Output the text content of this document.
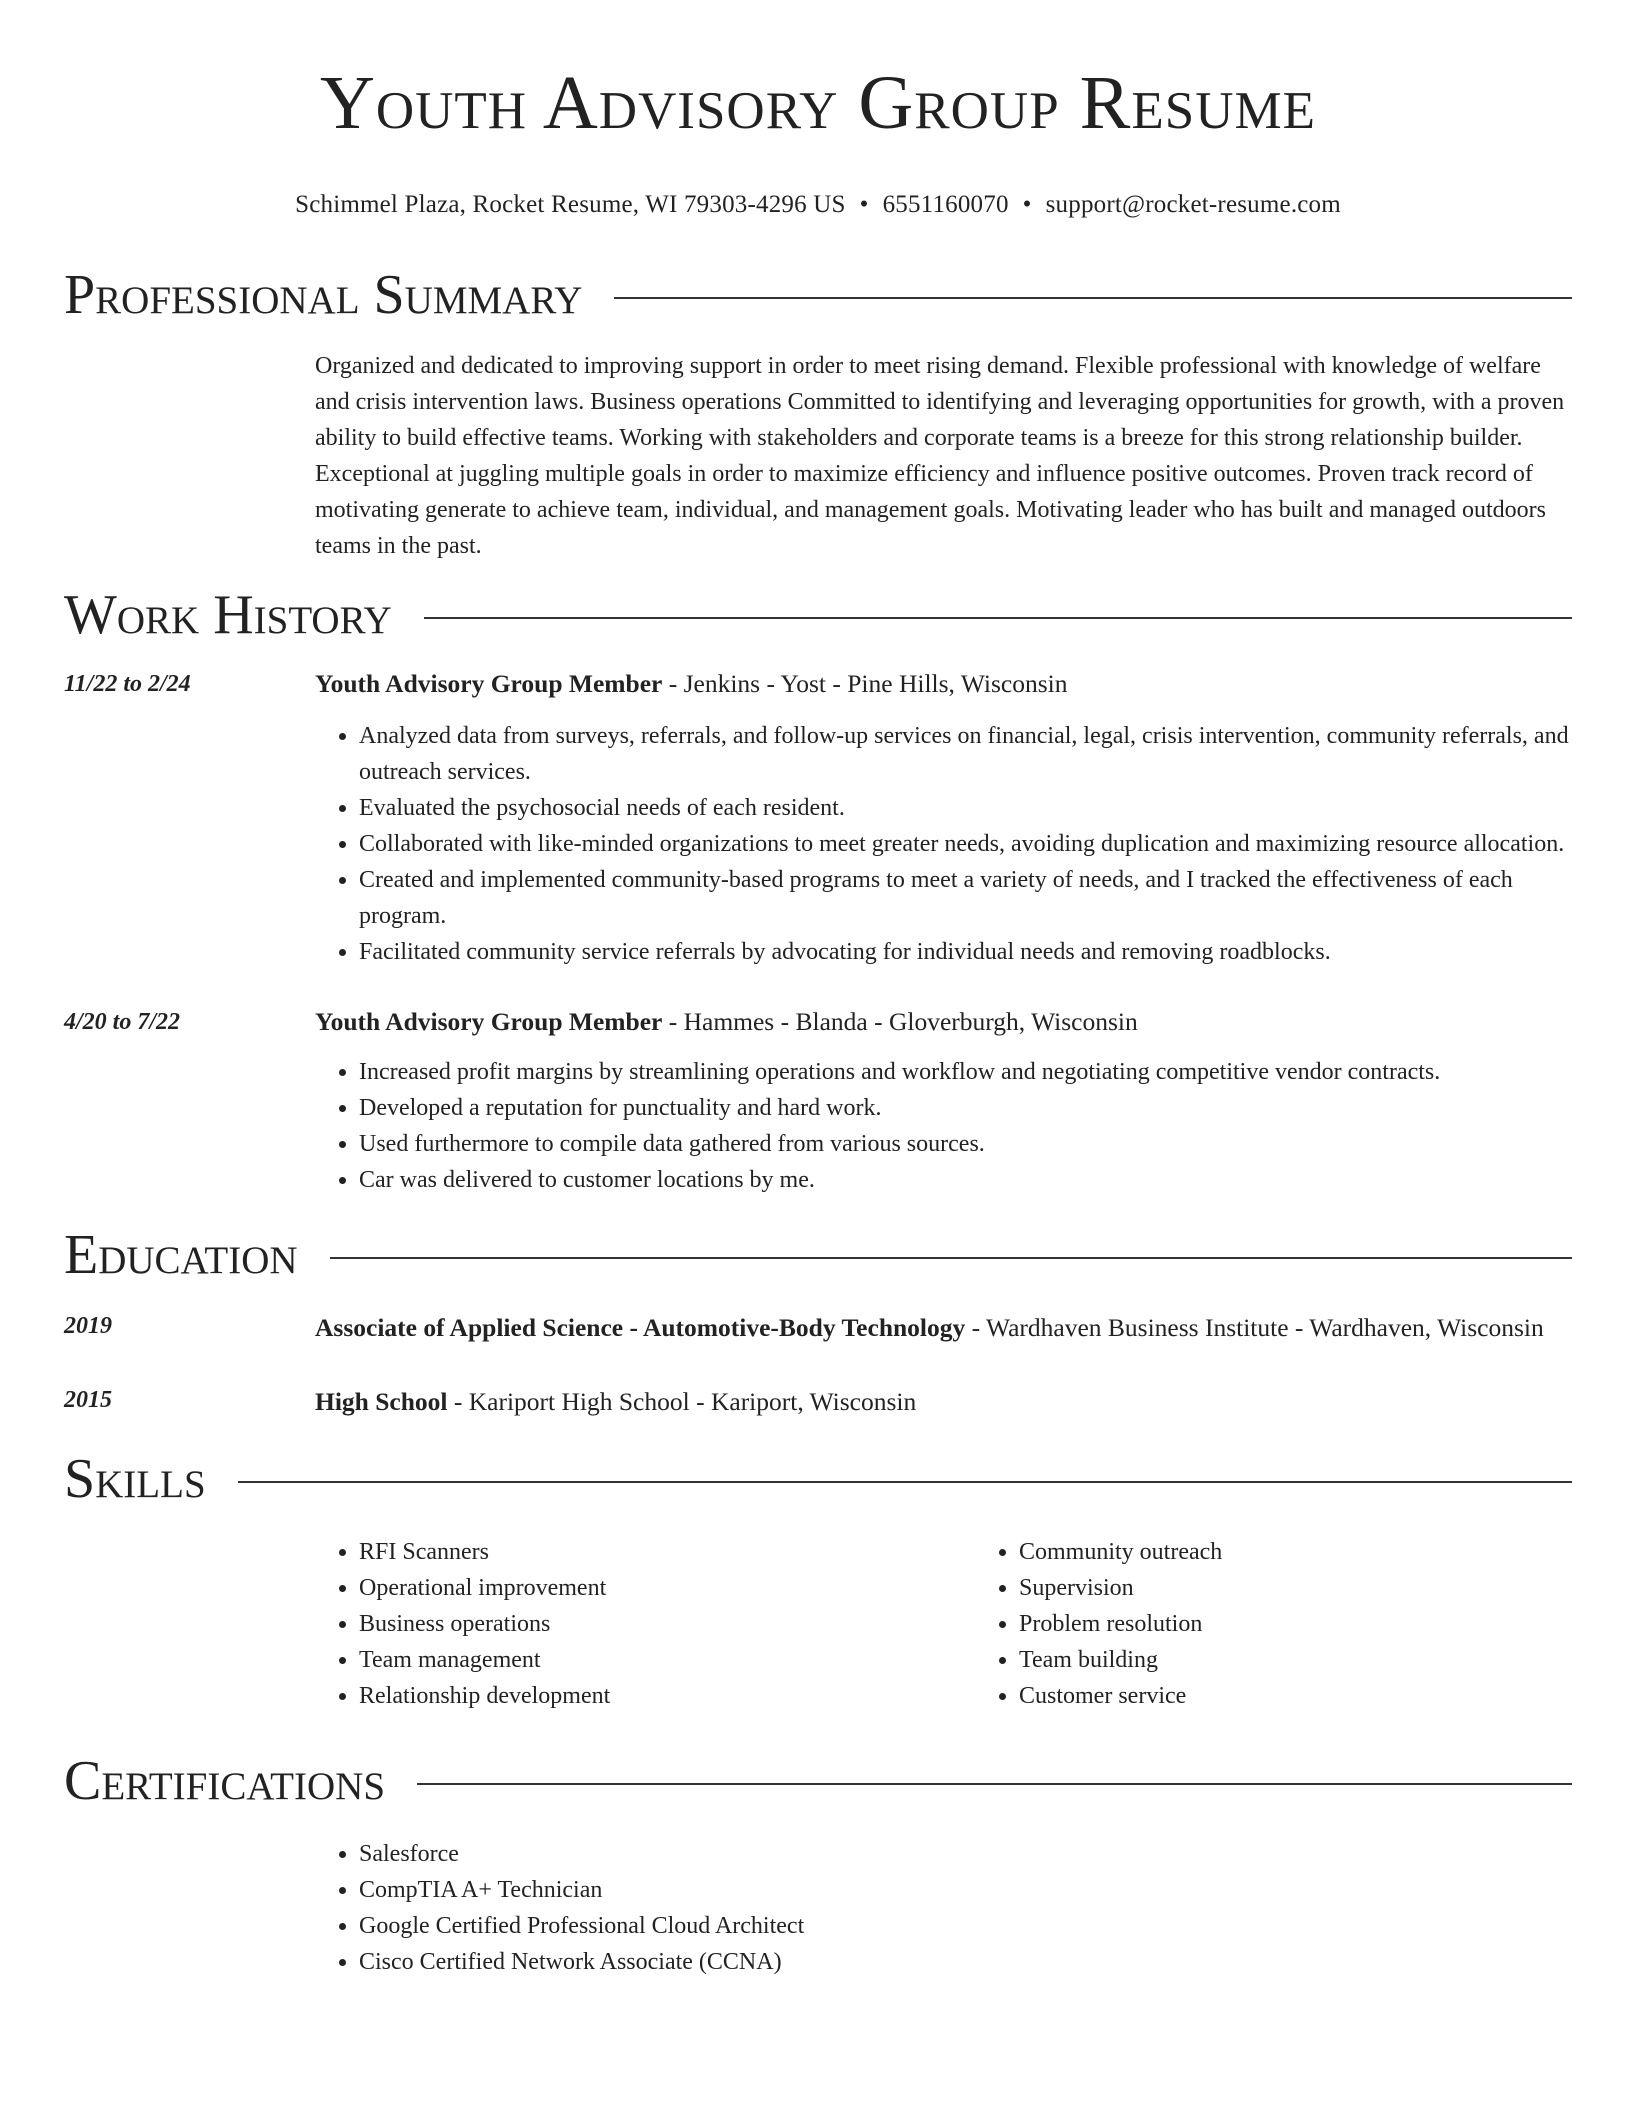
Youth Advisory Group Resume
Schimmel Plaza, Rocket Resume, WI 79303-4296 US • 6551160070 • support@rocket-resume.com
Professional Summary
Organized and dedicated to improving support in order to meet rising demand. Flexible professional with knowledge of welfare and crisis intervention laws. Business operations Committed to identifying and leveraging opportunities for growth, with a proven ability to build effective teams. Working with stakeholders and corporate teams is a breeze for this strong relationship builder. Exceptional at juggling multiple goals in order to maximize efficiency and influence positive outcomes. Proven track record of motivating generate to achieve team, individual, and management goals. Motivating leader who has built and managed outdoors teams in the past.
Work History
11/22 to 2/24	Youth Advisory Group Member - Jenkins - Yost - Pine Hills, Wisconsin
• Analyzed data from surveys, referrals, and follow-up services on financial, legal, crisis intervention, community referrals, and outreach services.
• Evaluated the psychosocial needs of each resident.
• Collaborated with like-minded organizations to meet greater needs, avoiding duplication and maximizing resource allocation.
• Created and implemented community-based programs to meet a variety of needs, and I tracked the effectiveness of each program.
• Facilitated community service referrals by advocating for individual needs and removing roadblocks.
4/20 to 7/22	Youth Advisory Group Member - Hammes - Blanda - Gloverburgh, Wisconsin
• Increased profit margins by streamlining operations and workflow and negotiating competitive vendor contracts.
• Developed a reputation for punctuality and hard work.
• Used furthermore to compile data gathered from various sources.
• Car was delivered to customer locations by me.
Education
2019	Associate of Applied Science - Automotive-Body Technology - Wardhaven Business Institute - Wardhaven, Wisconsin
2015	High School - Kariport High School - Kariport, Wisconsin
Skills
• RFI Scanners
• Operational improvement
• Business operations
• Team management
• Relationship development
• Community outreach
• Supervision
• Problem resolution
• Team building
• Customer service
Certifications
• Salesforce
• CompTIA A+ Technician
• Google Certified Professional Cloud Architect
• Cisco Certified Network Associate (CCNA)
